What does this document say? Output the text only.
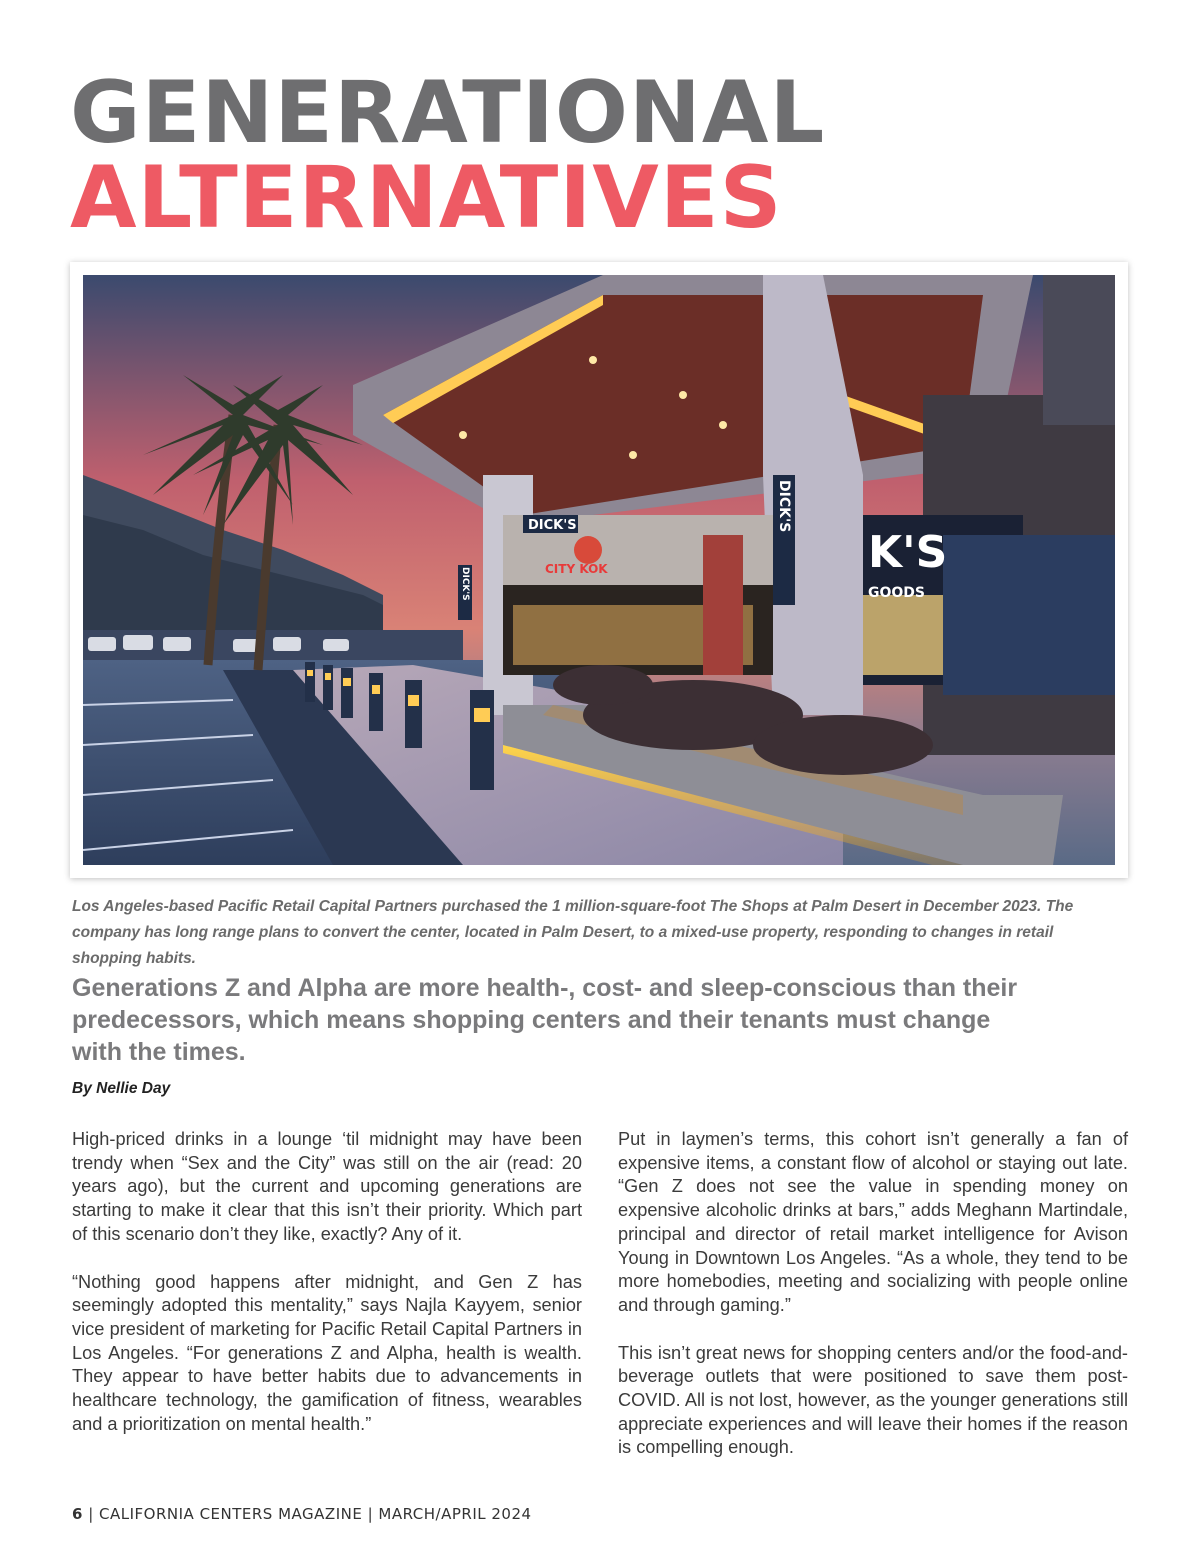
GENERATIONAL
ALTERNATIVES
DICK'S
CITY KOK
DICK'S
DICK'S
K'S
GOODS

Los Angeles-based Pacific Retail Capital Partners purchased the 1 million-square-foot The Shops at Palm Desert in December 2023. The company has long range plans to convert the center, located in Palm Desert, to a mixed-use property, responding to changes in retail shopping habits.

Generations Z and Alpha are more health-, cost- and sleep-conscious than their predecessors, which means shopping centers and their tenants must change with the times.

By Nellie Day

High-priced drinks in a lounge ‘til midnight may have been trendy when “Sex and the City” was still on the air (read: 20 years ago), but the current and upcoming generations are starting to make it clear that this isn’t their priority. Which part of this scenario don’t they like, exactly? Any of it.

“Nothing good happens after midnight, and Gen Z has seemingly adopted this mentality,” says Najla Kayyem, senior vice president of marketing for Pacific Retail Capital Partners in Los Angeles. “For generations Z and Alpha, health is wealth. They appear to have better habits due to advancements in healthcare technology, the gamification of fitness, wearables and a prioritization on mental health.”

Put in laymen’s terms, this cohort isn’t generally a fan of expensive items, a constant flow of alcohol or staying out late. “Gen Z does not see the value in spending money on expensive alcoholic drinks at bars,” adds Meghann Martindale, principal and director of retail market intelligence for Avison Young in Downtown Los Angeles. “As a whole, they tend to be more homebodies, meeting and socializing with people online and through gaming.”

This isn’t great news for shopping centers and/or the food-and-beverage outlets that were positioned to save them post-COVID. All is not lost, however, as the younger generations still appreciate experiences and will leave their homes if the reason is compelling enough.

6 | CALIFORNIA CENTERS MAGAZINE | MARCH/APRIL 2024
